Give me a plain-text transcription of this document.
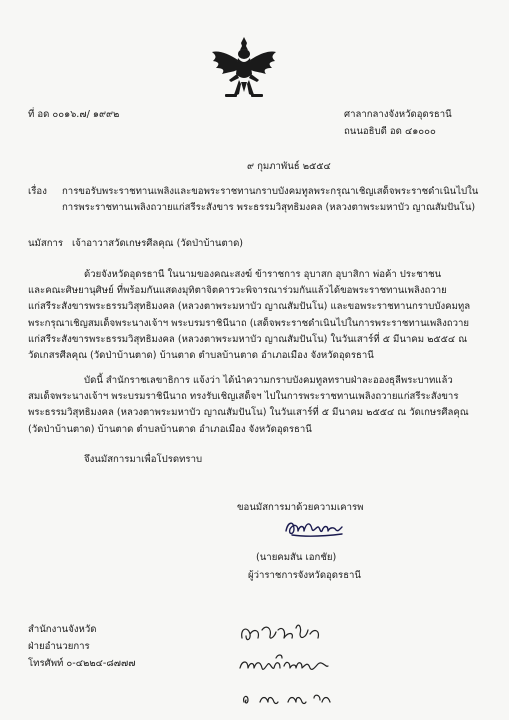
ที่ อด ๐๐๑๖.๗/ ๑๙๙๒	ศาลากลางจังหวัดอุดรธานี
ถนนอธิบดี อด ๔๑๐๐๐
๙ กุมภาพันธ์ ๒๕๕๔
เรื่อง การขอรับพระราชทานเพลิงและขอพระราชทานกราบบังคมทูลพระกรุณาเชิญเสด็จพระราชดำเนินไปใน
การพระราชทานเพลิงถวายแก่สรีระสังขาร พระธรรมวิสุทธิมงคล (หลวงตาพระมหาบัว ญาณสัมปันโน)
นมัสการ เจ้าอาวาสวัดเกษรศีลคุณ (วัดป่าบ้านตาด)
ด้วยจังหวัดอุดรธานี ในนามของคณะสงฆ์ ข้าราชการ อุบาสก อุบาสิกา พ่อค้า ประชาชน
และคณะศิษยานุศิษย์ ที่พร้อมกันแสดงมุทิตาจิตคารวะพิจารณาร่วมกันแล้วได้ขอพระราชทานเพลิงถวาย
แก่สรีระสังขารพระธรรมวิสุทธิมงคล (หลวงตาพระมหาบัว ญาณสัมปันโน) และขอพระราชทานกราบบังคมทูล
พระกรุณาเชิญสมเด็จพระนางเจ้าฯ พระบรมราชินีนาถ (เสด็จพระราชดำเนินไปในการพระราชทานเพลิงถวาย
แก่สรีระสังขารพระธรรมวิสุทธิมงคล (หลวงตาพระมหาบัว ญาณสัมปันโน) ในวันเสาร์ที่ ๕ มีนาคม ๒๕๕๔ ณ
วัดเกสรศีลคุณ (วัดป่าบ้านตาด) บ้านตาด ตำบลบ้านตาด อำเภอเมือง จังหวัดอุดรธานี
บัดนี้ สำนักราชเลขาธิการ แจ้งว่า ได้นำความกราบบังคมทูลทราบฝ่าละอองธุลีพระบาทแล้ว
สมเด็จพระนางเจ้าฯ พระบรมราชินีนาถ ทรงรับเชิญเสด็จฯ ไปในการพระราชทานเพลิงถวายแก่สรีระสังขาร
พระธรรมวิสุทธิมงคล (หลวงตาพระมหาบัว ญาณสัมปันโน) ในวันเสาร์ที่ ๕ มีนาคม ๒๕๕๔ ณ วัดเกษรศีลคุณ
(วัดป่าบ้านตาด) บ้านตาด ตำบลบ้านตาด อำเภอเมือง จังหวัดอุดรธานี
จึงนมัสการมาเพื่อโปรดทราบ
ขอนมัสการมาด้วยความเคารพ
(นายคมสัน เอกชัย)
ผู้ว่าราชการจังหวัดอุดรธานี
สำนักงานจังหวัด
ฝ่ายอำนวยการ
โทรศัพท์ ๐-๔๒๒๔-๘๗๗๗
